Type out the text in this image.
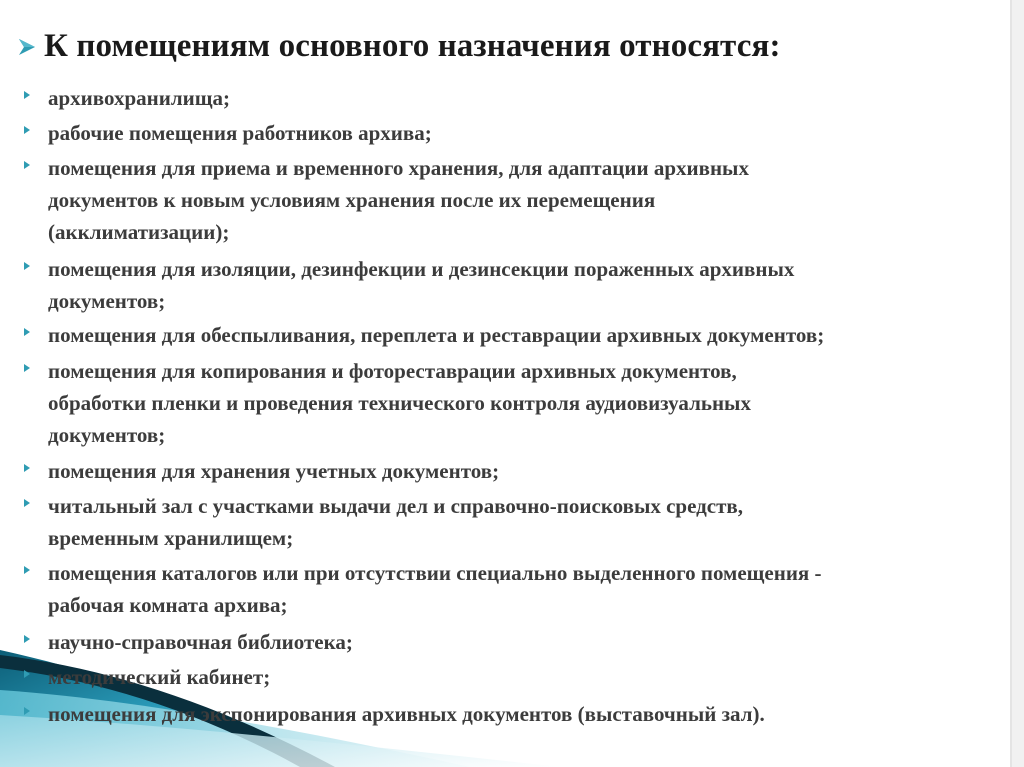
К помещениям основного назначения относятся:

архивохранилища;

рабочие помещения работников архива;

помещения для приема и временного хранения, для адаптации архивных
документов к новым условиям хранения после их перемещения
(акклиматизации);

помещения для изоляции, дезинфекции и дезинсекции пораженных архивных
документов;

помещения для обеспыливания, переплета и реставрации архивных документов;

помещения для копирования и фотореставрации архивных документов,
обработки пленки и проведения технического контроля аудиовизуальных
документов;

помещения для хранения учетных документов;

читальный зал с участками выдачи дел и справочно-поисковых средств,
временным хранилищем;

помещения каталогов или при отсутствии специально выделенного помещения -
рабочая комната архива;

научно-справочная библиотека;

методический кабинет;

помещения для экспонирования архивных документов (выставочный зал).
